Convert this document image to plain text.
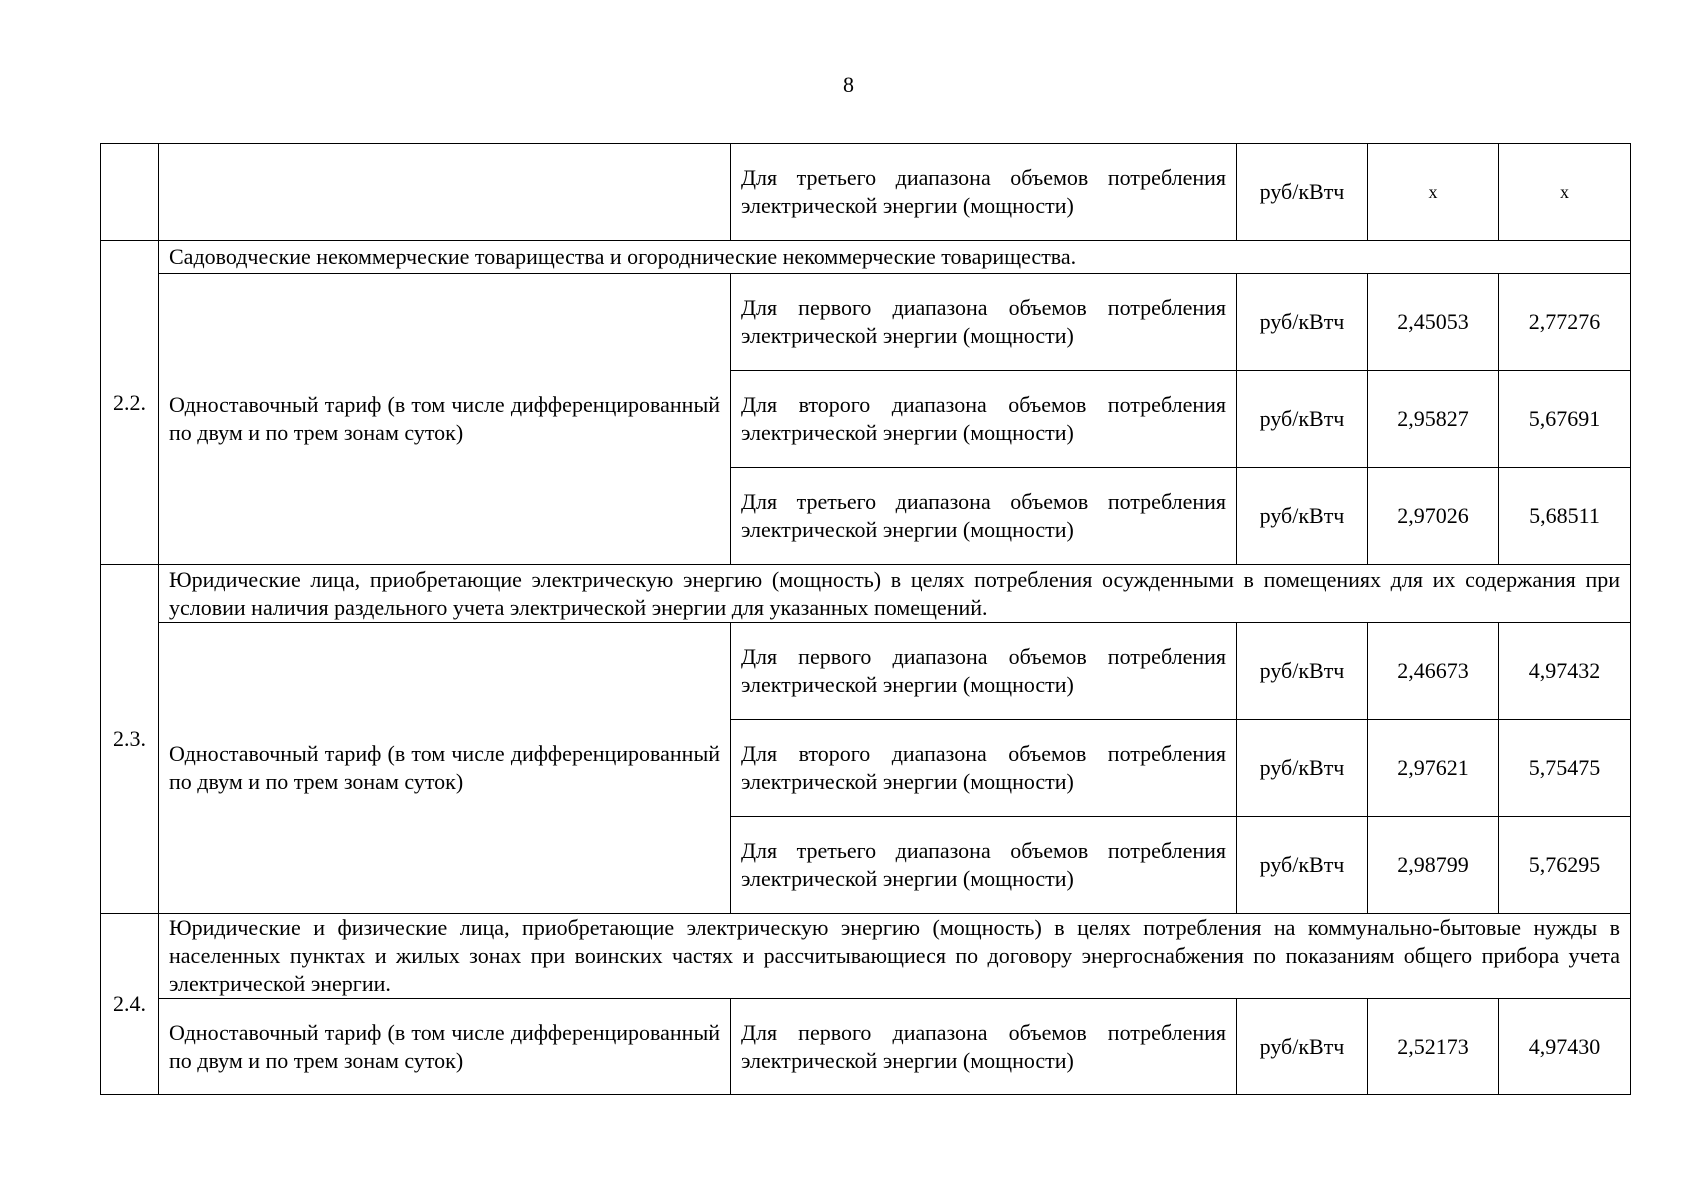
8
		Для третьего диапазона объемов потребления электрической энергии (мощности)	руб/кВтч	x	x
2.2.	Садоводческие некоммерческие товарищества и огороднические некоммерческие товарищества.				
	Одноставочный тариф (в том числе дифференцированный по двум и по трем зонам суток)	Для первого диапазона объемов потребления электрической энергии (мощности)	руб/кВтч	2,45053	2,77276
		Для второго диапазона объемов потребления электрической энергии (мощности)	руб/кВтч	2,95827	5,67691
		Для третьего диапазона объемов потребления электрической энергии (мощности)	руб/кВтч	2,97026	5,68511
2.3.	Юридические лица, приобретающие электрическую энергию (мощность) в целях потребления осужденными в помещениях для их содержания при условии наличия раздельного учета электрической энергии для указанных помещений.				
	Одноставочный тариф (в том числе дифференцированный по двум и по трем зонам суток)	Для первого диапазона объемов потребления электрической энергии (мощности)	руб/кВтч	2,46673	4,97432
		Для второго диапазона объемов потребления электрической энергии (мощности)	руб/кВтч	2,97621	5,75475
		Для третьего диапазона объемов потребления электрической энергии (мощности)	руб/кВтч	2,98799	5,76295
2.4.	Юридические и физические лица, приобретающие электрическую энергию (мощность) в целях потребления на коммунально-бытовые нужды в населенных пунктах и жилых зонах при воинских частях и рассчитывающиеся по договору энергоснабжения по показаниям общего прибора учета электрической энергии.				
	Одноставочный тариф (в том числе дифференцированный по двум и по трем зонам суток)	Для первого диапазона объемов потребления электрической энергии (мощности)	руб/кВтч	2,52173	4,97430
